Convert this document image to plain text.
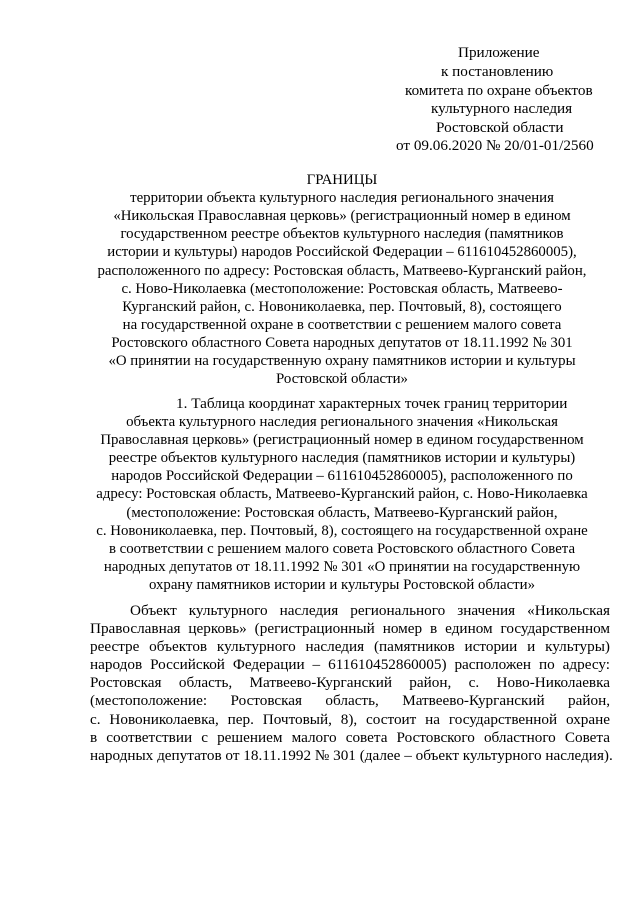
Приложение

к постановлению

комитета по охране объектов

культурного наследия

Ростовской области

от 09.06.2020 № 20/01-01/2560

ГРАНИЦЫ

территории объекта культурного наследия регионального значения

«Никольская Православная церковь» (регистрационный номер в едином

государственном реестре объектов культурного наследия (памятников

истории и культуры) народов Российской Федерации – 611610452860005),

расположенного по адресу: Ростовская область, Матвеево-Курганский район,

с. Ново-Николаевка (местоположение: Ростовская область, Матвеево-

Курганский район, с. Новониколаевка, пер. Почтовый, 8), состоящего

на государственной охране в соответствии с решением малого совета

Ростовского областного Совета народных депутатов от 18.11.1992 № 301

«О принятии на государственную охрану памятников истории и культуры

Ростовской области»

1. Таблица координат характерных точек границ территории

объекта культурного наследия регионального значения «Никольская

Православная церковь» (регистрационный номер в едином государственном

реестре объектов культурного наследия (памятников истории и культуры)

народов Российской Федерации – 611610452860005), расположенного по

адресу: Ростовская область, Матвеево-Курганский район, с. Ново-Николаевка

(местоположение: Ростовская область, Матвеево-Курганский район,

с. Новониколаевка, пер. Почтовый, 8), состоящего на государственной охране

в соответствии с решением малого совета Ростовского областного Совета

народных депутатов от 18.11.1992 № 301 «О принятии на государственную

охрану памятников истории и культуры Ростовской области»

Объект культурного наследия регионального значения «Никольская

Православная церковь» (регистрационный номер в едином государственном

реестре объектов культурного наследия (памятников истории и культуры)

народов Российской Федерации – 611610452860005) расположен по адресу:

Ростовская область, Матвеево-Курганский район, с. Ново-Николаевка

(местоположение: Ростовская область, Матвеево-Курганский район,

с. Новониколаевка, пер. Почтовый, 8), состоит на государственной охране

в соответствии с решением малого совета Ростовского областного Совета

народных депутатов от 18.11.1992 № 301 (далее – объект культурного наследия).
